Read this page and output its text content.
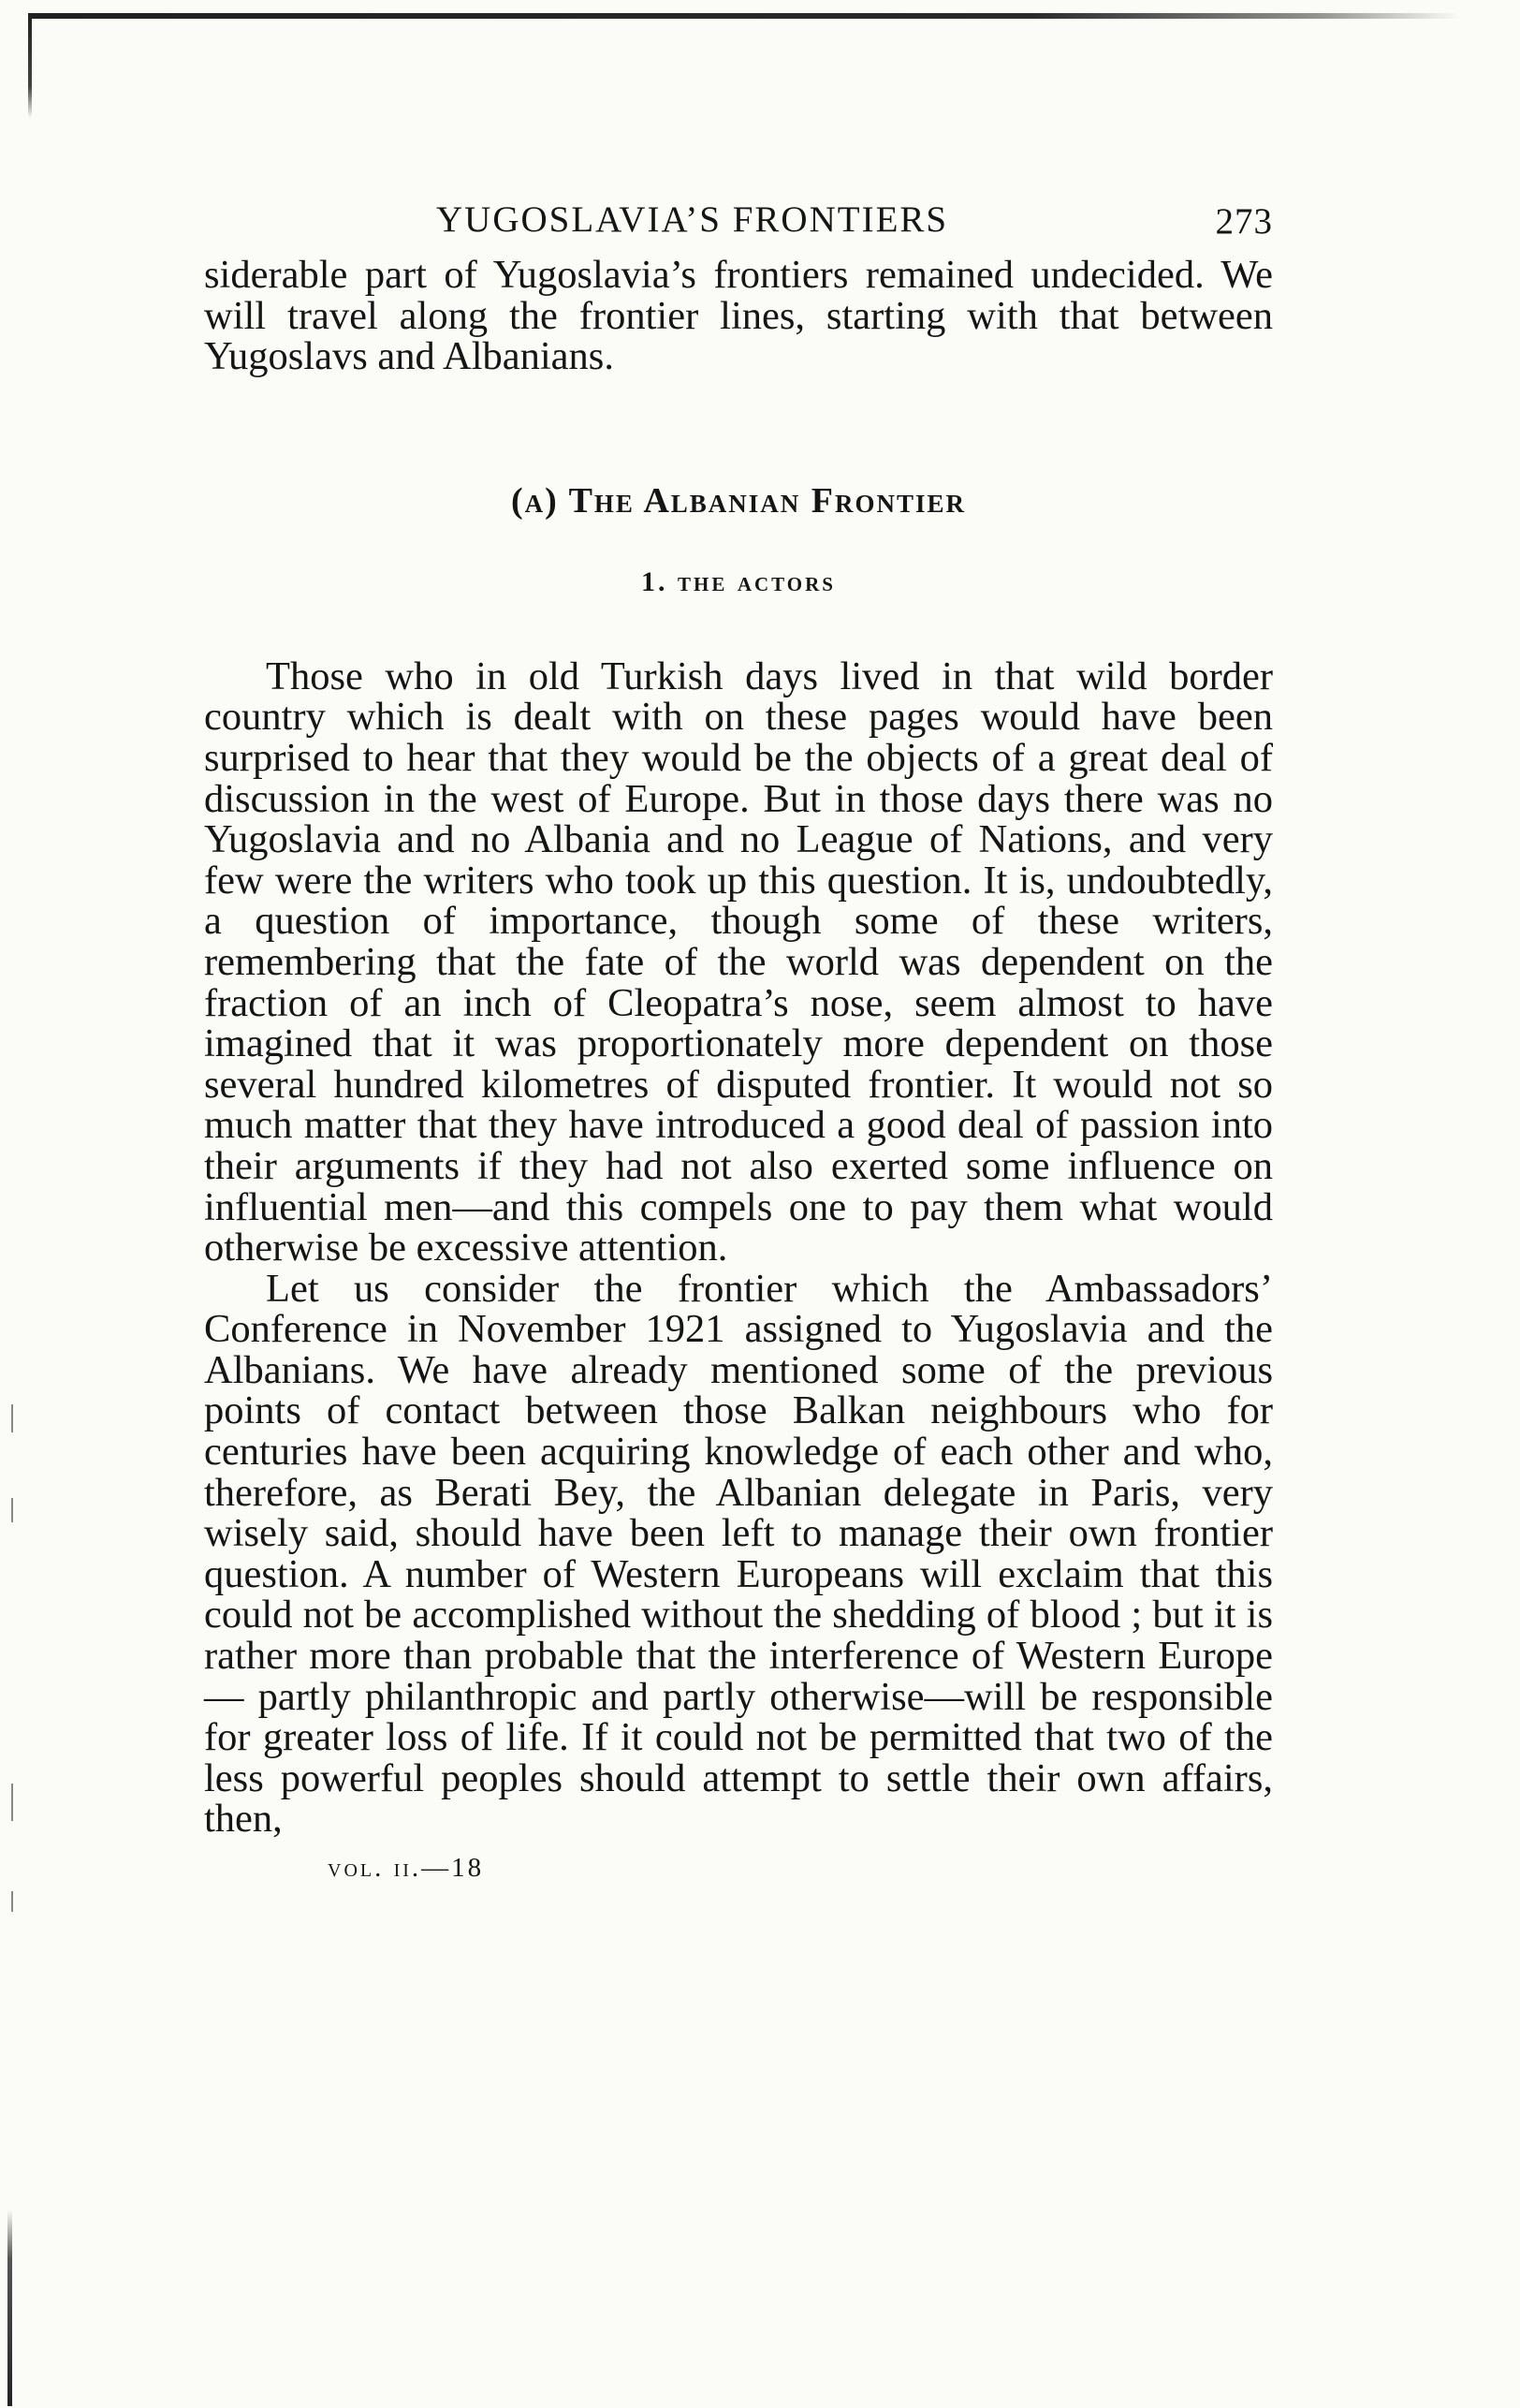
YUGOSLAVIA’S FRONTIERS	273

siderable part of Yugoslavia’s frontiers remained undecided. We will travel along the frontier lines, starting with that between Yugoslavs and Albanians.

(a) The Albanian Frontier
1. the actors

Those who in old Turkish days lived in that wild border country which is dealt with on these pages would have been surprised to hear that they would be the objects of a great deal of discussion in the west of Europe. But in those days there was no Yugoslavia and no Albania and no League of Nations, and very few were the writers who took up this question. It is, undoubtedly, a question of importance, though some of these writers, remembering that the fate of the world was dependent on the fraction of an inch of Cleopatra’s nose, seem almost to have imagined that it was proportionately more dependent on those several hundred kilometres of disputed frontier. It would not so much matter that they have introduced a good deal of passion into their arguments if they had not also exerted some influence on influential men—and this compels one to pay them what would otherwise be excessive attention.

Let us consider the frontier which the Ambassadors’ Conference in November 1921 assigned to Yugoslavia and the Albanians. We have already mentioned some of the previous points of contact between those Balkan neighbours who for centuries have been acquiring knowledge of each other and who, therefore, as Berati Bey, the Albanian delegate in Paris, very wisely said, should have been left to manage their own frontier question. A number of Western Europeans will exclaim that this could not be accomplished without the shedding of blood ; but it is rather more than probable that the interference of Western Europe — partly philanthropic and partly otherwise—will be responsible for greater loss of life. If it could not be permitted that two of the less powerful peoples should attempt to settle their own affairs, then,

vol. ii.—18
